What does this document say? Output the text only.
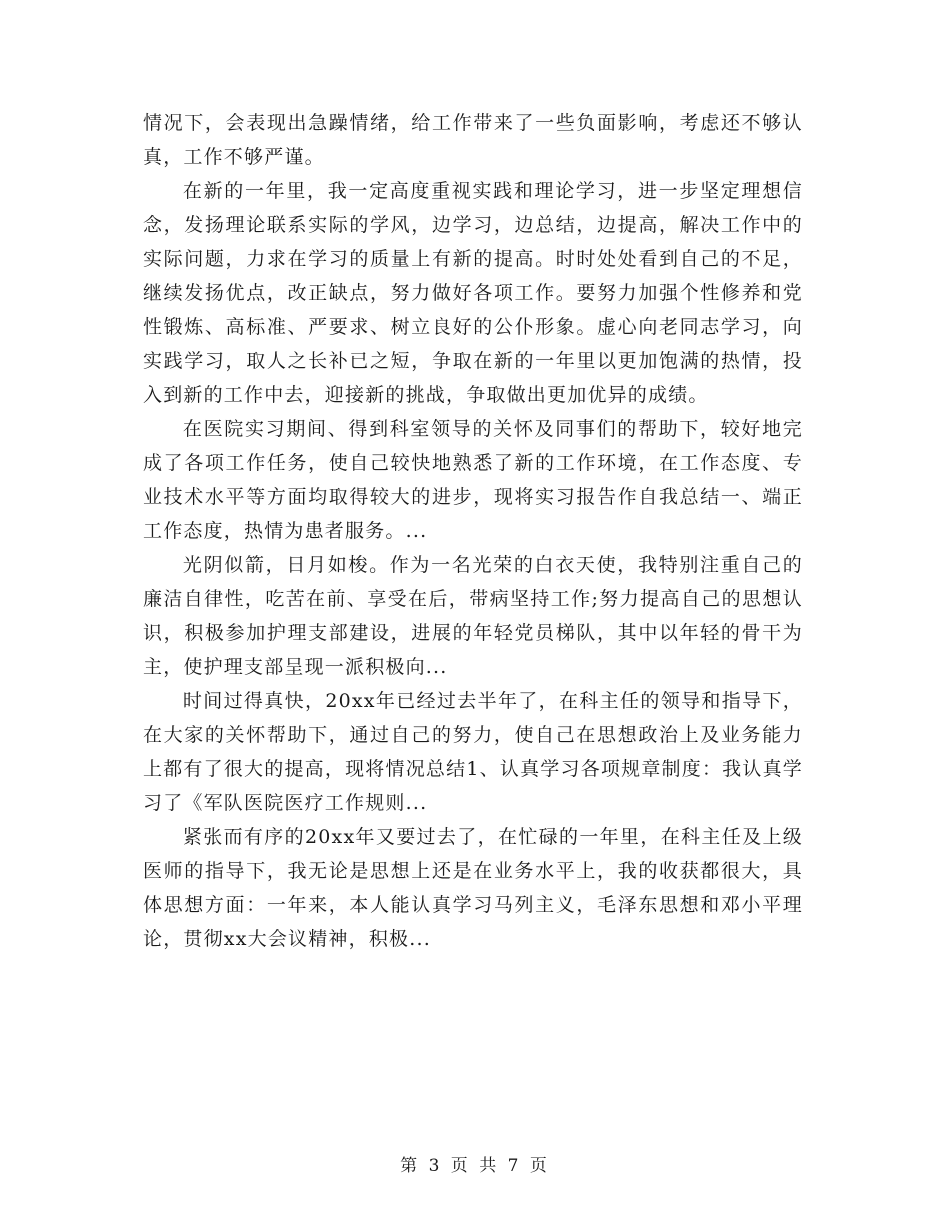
情况下，会表现出急躁情绪，给工作带来了一些负面影响，考虑还不够认真，工作不够严谨。

在新的一年里，我一定高度重视实践和理论学习，进一步坚定理想信念，发扬理论联系实际的学风，边学习，边总结，边提高，解决工作中的实际问题，力求在学习的质量上有新的提高。时时处处看到自己的不足，继续发扬优点，改正缺点，努力做好各项工作。要努力加强个性修养和党性锻炼、高标准、严要求、树立良好的公仆形象。虚心向老同志学习，向实践学习，取人之长补已之短，争取在新的一年里以更加饱满的热情，投入到新的工作中去，迎接新的挑战，争取做出更加优异的成绩。

在医院实习期间、得到科室领导的关怀及同事们的帮助下，较好地完成了各项工作任务，使自己较快地熟悉了新的工作环境，在工作态度、专业技术水平等方面均取得较大的进步，现将实习报告作自我总结一、端正工作态度，热情为患者服务。...

光阴似箭，日月如梭。作为一名光荣的白衣天使，我特别注重自己的廉洁自律性，吃苦在前、享受在后，带病坚持工作;努力提高自己的思想认识，积极参加护理支部建设，进展的年轻党员梯队，其中以年轻的骨干为主，使护理支部呈现一派积极向...

时间过得真快，20xx年已经过去半年了，在科主任的领导和指导下，在大家的关怀帮助下，通过自己的努力，使自己在思想政治上及业务能力上都有了很大的提高，现将情况总结1、认真学习各项规章制度：我认真学习了《军队医院医疗工作规则...

紧张而有序的20xx年又要过去了，在忙碌的一年里，在科主任及上级医师的指导下，我无论是思想上还是在业务水平上，我的收获都很大，具体思想方面：一年来，本人能认真学习马列主义，毛泽东思想和邓小平理论，贯彻xx大会议精神，积极...

第 3 页 共 7 页
